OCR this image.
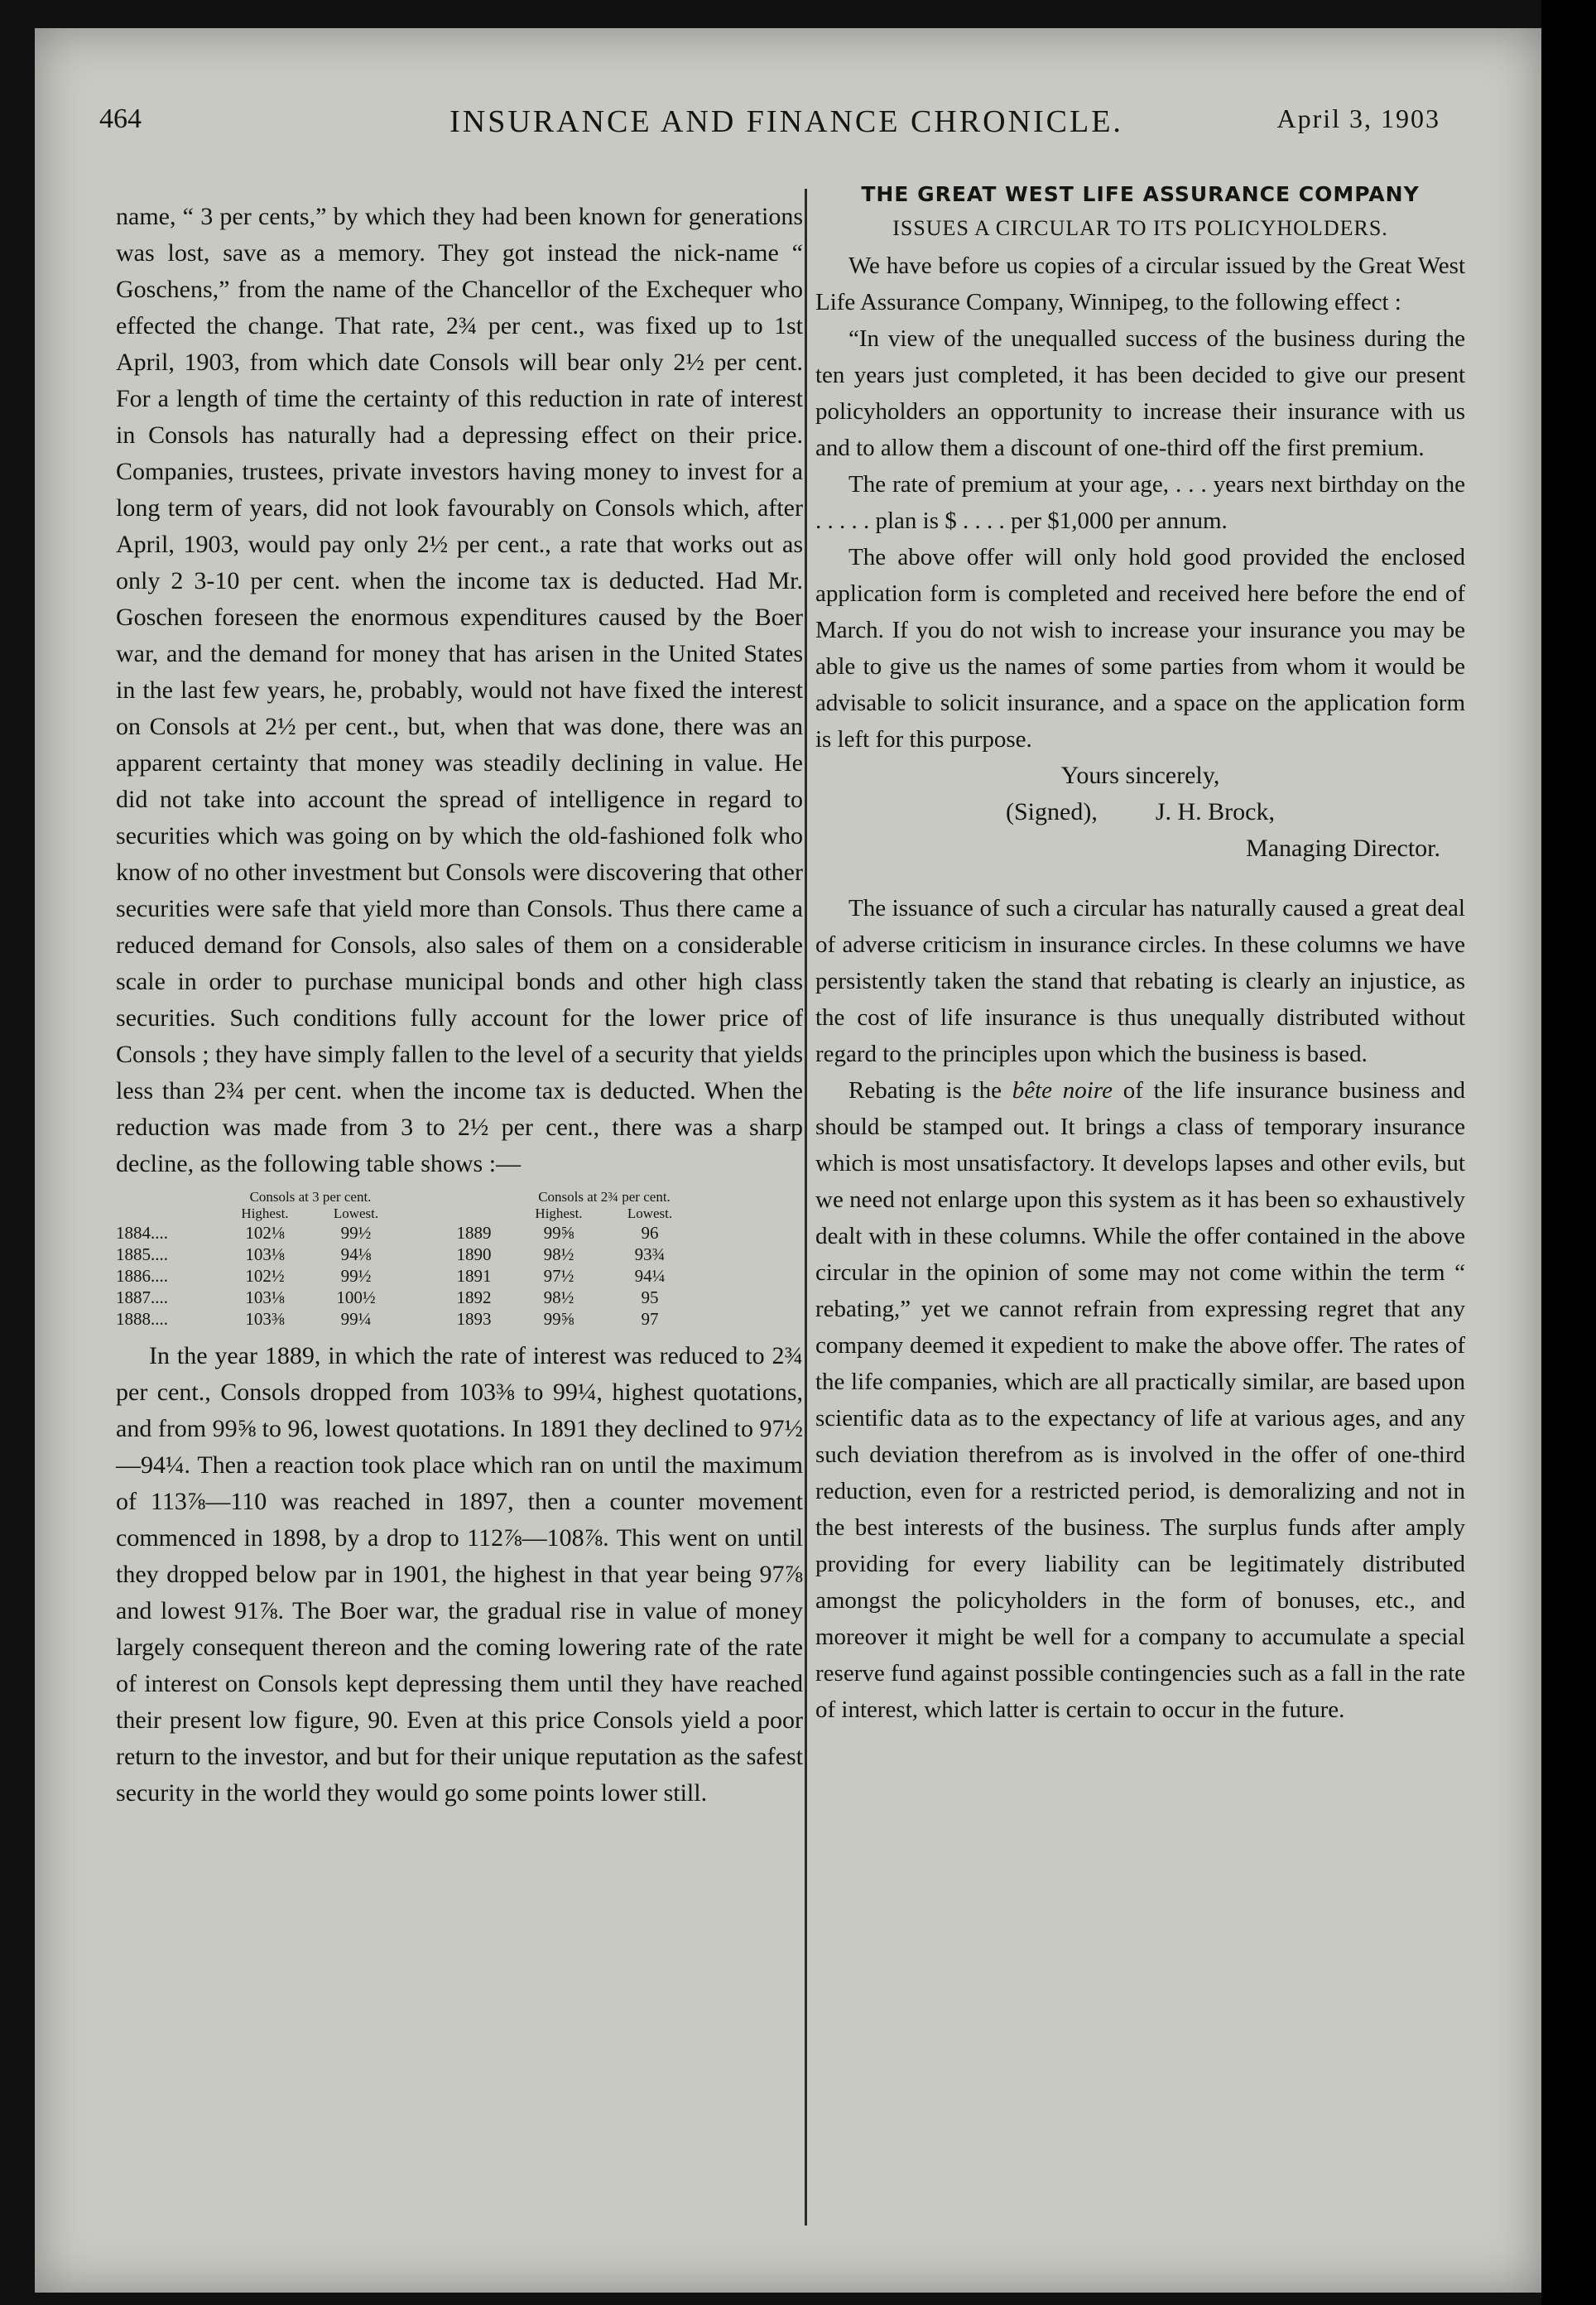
464	INSURANCE AND FINANCE CHRONICLE.	April 3, 1903

name, “ 3 per cents,” by which they had been known for generations was lost, save as a memory. They got instead the nick-name “ Goschens,” from the name of the Chancellor of the Exchequer who effected the change. That rate, 2¾ per cent., was fixed up to 1st April, 1903, from which date Consols will bear only 2½ per cent. For a length of time the certainty of this reduction in rate of interest in Consols has naturally had a depressing effect on their price. Companies, trustees, private investors having money to invest for a long term of years, did not look favourably on Consols which, after April, 1903, would pay only 2½ per cent., a rate that works out as only 2 3-10 per cent. when the income tax is deducted. Had Mr. Goschen foreseen the enormous expenditures caused by the Boer war, and the demand for money that has arisen in the United States in the last few years, he, probably, would not have fixed the interest on Consols at 2½ per cent., but, when that was done, there was an apparent certainty that money was steadily declining in value. He did not take into account the spread of intelligence in regard to securities which was going on by which the old-fashioned folk who know of no other investment but Consols were discovering that other securities were safe that yield more than Consols. Thus there came a reduced demand for Consols, also sales of them on a considerable scale in order to purchase municipal bonds and other high class securities. Such conditions fully account for the lower price of Consols ; they have simply fallen to the level of a security that yields less than 2¾ per cent. when the income tax is deducted. When the reduction was made from 3 to 2½ per cent., there was a sharp decline, as the following table shows :—

Consols at 3 per cent.
Highest.	Lowest.
Consols at 2¾ per cent.
Highest.	Lowest.
1884....	102⅛	99½	1889	99⅝	96
1885....	103⅛	94⅛	1890	98½	93¾
1886....	102½	99½	1891	97½	94¼
1887....	103⅛	100½	1892	98½	95
1888....	103⅜	99¼	1893	99⅝	97

In the year 1889, in which the rate of interest was reduced to 2¾ per cent., Consols dropped from 103⅜ to 99¼, highest quotations, and from 99⅝ to 96, lowest quotations. In 1891 they declined to 97½—94¼. Then a reaction took place which ran on until the maximum of 113⅞—110 was reached in 1897, then a counter movement commenced in 1898, by a drop to 112⅞—108⅞. This went on until they dropped below par in 1901, the highest in that year being 97⅞ and lowest 91⅞. The Boer war, the gradual rise in value of money largely consequent thereon and the coming lowering rate of the rate of interest on Consols kept depressing them until they have reached their present low figure, 90. Even at this price Consols yield a poor return to the investor, and but for their unique reputation as the safest security in the world they would go some points lower still.

THE GREAT WEST LIFE ASSURANCE COMPANY
ISSUES A CIRCULAR TO ITS POLICYHOLDERS.

We have before us copies of a circular issued by the Great West Life Assurance Company, Winnipeg, to the following effect :

“In view of the unequalled success of the business during the ten years just completed, it has been decided to give our present policyholders an opportunity to increase their insurance with us and to allow them a discount of one-third off the first premium.

The rate of premium at your age, . . . years next birthday on the . . . . . plan is $ . . . . per $1,000 per annum.

The above offer will only hold good provided the enclosed application form is completed and received here before the end of March. If you do not wish to increase your insurance you may be able to give us the names of some parties from whom it would be advisable to solicit insurance, and a space on the application form is left for this purpose.

Yours sincerely,
(Signed), J. H. Brock,
Managing Director.

The issuance of such a circular has naturally caused a great deal of adverse criticism in insurance circles. In these columns we have persistently taken the stand that rebating is clearly an injustice, as the cost of life insurance is thus unequally distributed without regard to the principles upon which the business is based.

Rebating is the bête noire of the life insurance business and should be stamped out. It brings a class of temporary insurance which is most unsatisfactory. It develops lapses and other evils, but we need not enlarge upon this system as it has been so exhaustively dealt with in these columns. While the offer contained in the above circular in the opinion of some may not come within the term “ rebating,” yet we cannot refrain from expressing regret that any company deemed it expedient to make the above offer. The rates of the life companies, which are all practically similar, are based upon scientific data as to the expectancy of life at various ages, and any such deviation therefrom as is involved in the offer of one-third reduction, even for a restricted period, is demoralizing and not in the best interests of the business. The surplus funds after amply providing for every liability can be legitimately distributed amongst the policyholders in the form of bonuses, etc., and moreover it might be well for a company to accumulate a special reserve fund against possible contingencies such as a fall in the rate of interest, which latter is certain to occur in the future.
